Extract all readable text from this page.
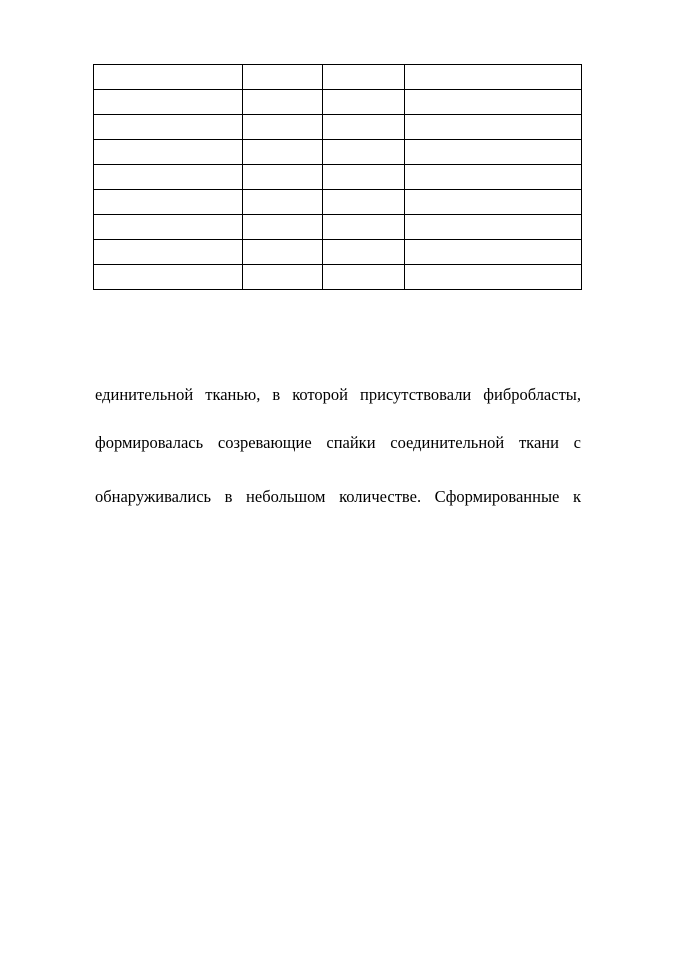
единительной тканью, в которой присутствовали фибробласты,
формировалась созревающие спайки соединительной ткани с
обнаруживались в небольшом количестве. Сформированные к
